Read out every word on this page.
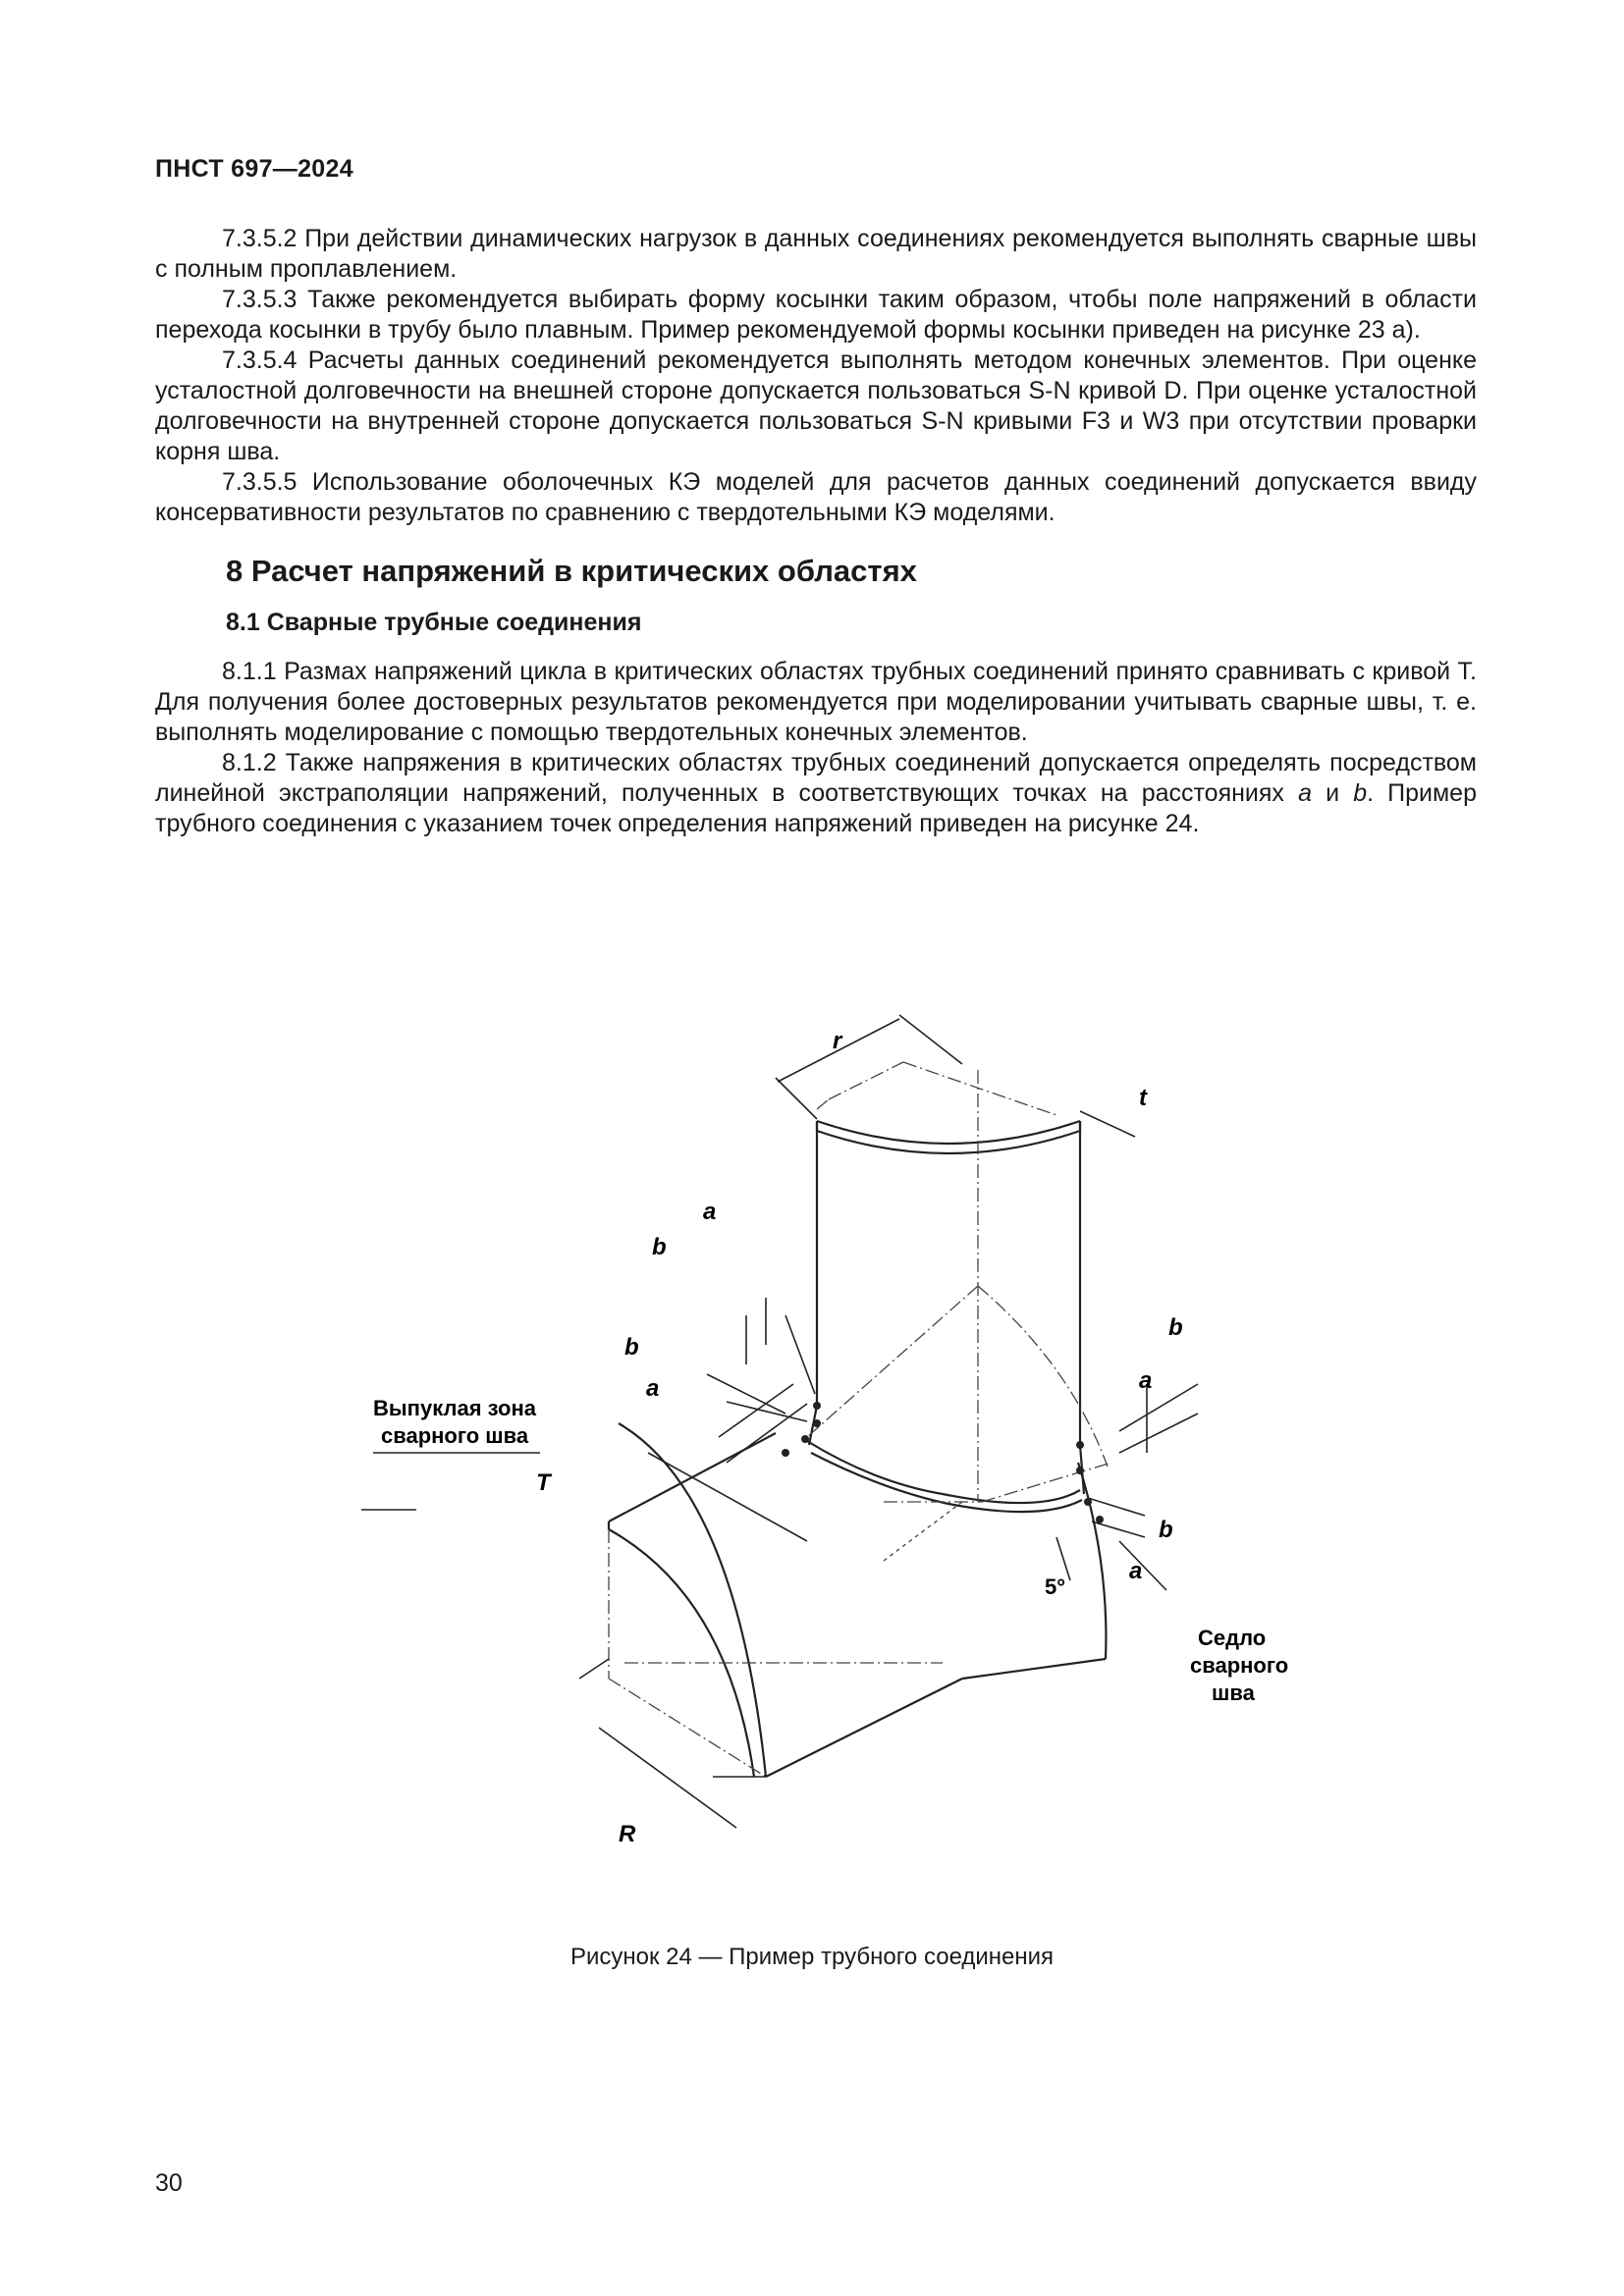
ПНСТ 697—2024

7.3.5.2 При действии динамических нагрузок в данных соединениях рекомендуется выполнять сварные швы с полным проплавлением.

7.3.5.3 Также рекомендуется выбирать форму косынки таким образом, чтобы поле напряжений в области перехода косынки в трубу было плавным. Пример рекомендуемой формы косынки приведен на рисунке 23 а).

7.3.5.4 Расчеты данных соединений рекомендуется выполнять методом конечных элементов. При оценке усталостной долговечности на внешней стороне допускается пользоваться S-N кривой D. При оценке усталостной долговечности на внутренней стороне допускается пользоваться S-N кривыми F3 и W3 при отсутствии проварки корня шва.

7.3.5.5 Использование оболочечных КЭ моделей для расчетов данных соединений допускается ввиду консервативности результатов по сравнению с твердотельными КЭ моделями.

8 Расчет напряжений в критических областях
8.1 Сварные трубные соединения

8.1.1 Размах напряжений цикла в критических областях трубных соединений принято сравнивать с кривой T. Для получения более достоверных результатов рекомендуется при моделировании учитывать сварные швы, т. е. выполнять моделирование с помощью твердотельных конечных элементов.

8.1.2 Также напряжения в критических областях трубных соединений допускается определять посредством линейной экстраполяции напряжений, полученных в соответствующих точках на расстояниях a и b. Пример трубного соединения с указанием точек определения напряжений приведен на рисунке 24.

r
t
a
b
b
a
b
a
b
a
T
R
5°
Выпуклая зона
сварного шва
Седло
сварного
шва
Рисунок 24 — Пример трубного соединения
30
